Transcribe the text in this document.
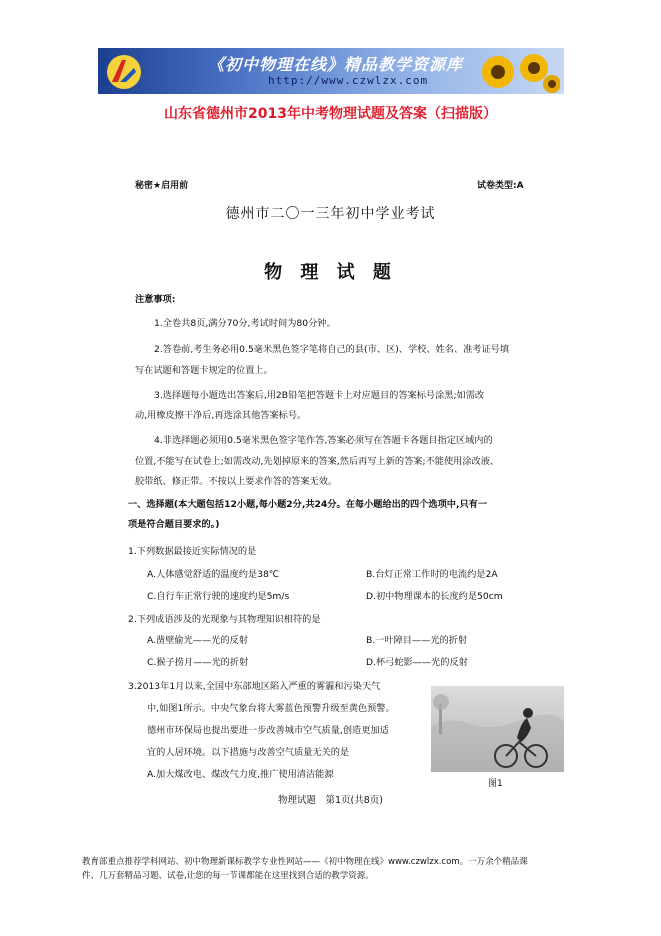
《初中物理在线》精品教学资源库
http://www.czwlzx.com
山东省德州市2013年中考物理试题及答案（扫描版）
秘密★启用前	试卷类型:A
德州市二〇一三年初中学业考试
物 理 试 题
注意事项:
1.全卷共8页,满分70分,考试时间为80分钟。
2.答卷前,考生务必用0.5毫米黑色签字笔将自己的县(市、区)、学校、姓名、准考证号填
写在试题和答题卡规定的位置上。
3.选择题每小题选出答案后,用2B铅笔把答题卡上对应题目的答案标号涂黑;如需改
动,用橡皮擦干净后,再选涂其他答案标号。
4.非选择题必须用0.5毫米黑色签字笔作答,答案必须写在答题卡各题目指定区域内的
位置,不能写在试卷上;如需改动,先划掉原来的答案,然后再写上新的答案;不能使用涂改液、
胶带纸、修正带。不按以上要求作答的答案无效。
一、选择题(本大题包括12小题,每小题2分,共24分。在每小题给出的四个选项中,只有一
项是符合题目要求的。)
1.下列数据最接近实际情况的是
A.人体感觉舒适的温度约是38℃	B.台灯正常工作时的电流约是2A
C.自行车正常行驶的速度约是5m/s	D.初中物理课本的长度约是50cm
2.下列成语涉及的光现象与其物理知识相符的是
A.凿壁偷光——光的反射	B.一叶障目——光的折射
C.猴子捞月——光的折射	D.杯弓蛇影——光的反射
3.2013年1月以来,全国中东部地区陷入严重的雾霾和污染天气
中,如图1所示。中央气象台将大雾蓝色预警升级至黄色预警。
德州市环保局也提出要进一步改善城市空气质量,创造更加适
宜的人居环境。以下措施与改善空气质量无关的是
A.加大煤改电、煤改气力度,推广使用清洁能源
图1
物理试题　第1页(共8页)
教育部重点推荐学科网站、初中物理新课标教学专业性网站——《初中物理在线》www.czwlzx.com。一万余个精品课
件、几万套精品习题、试卷,让您的每一节课都能在这里找到合适的教学资源。
